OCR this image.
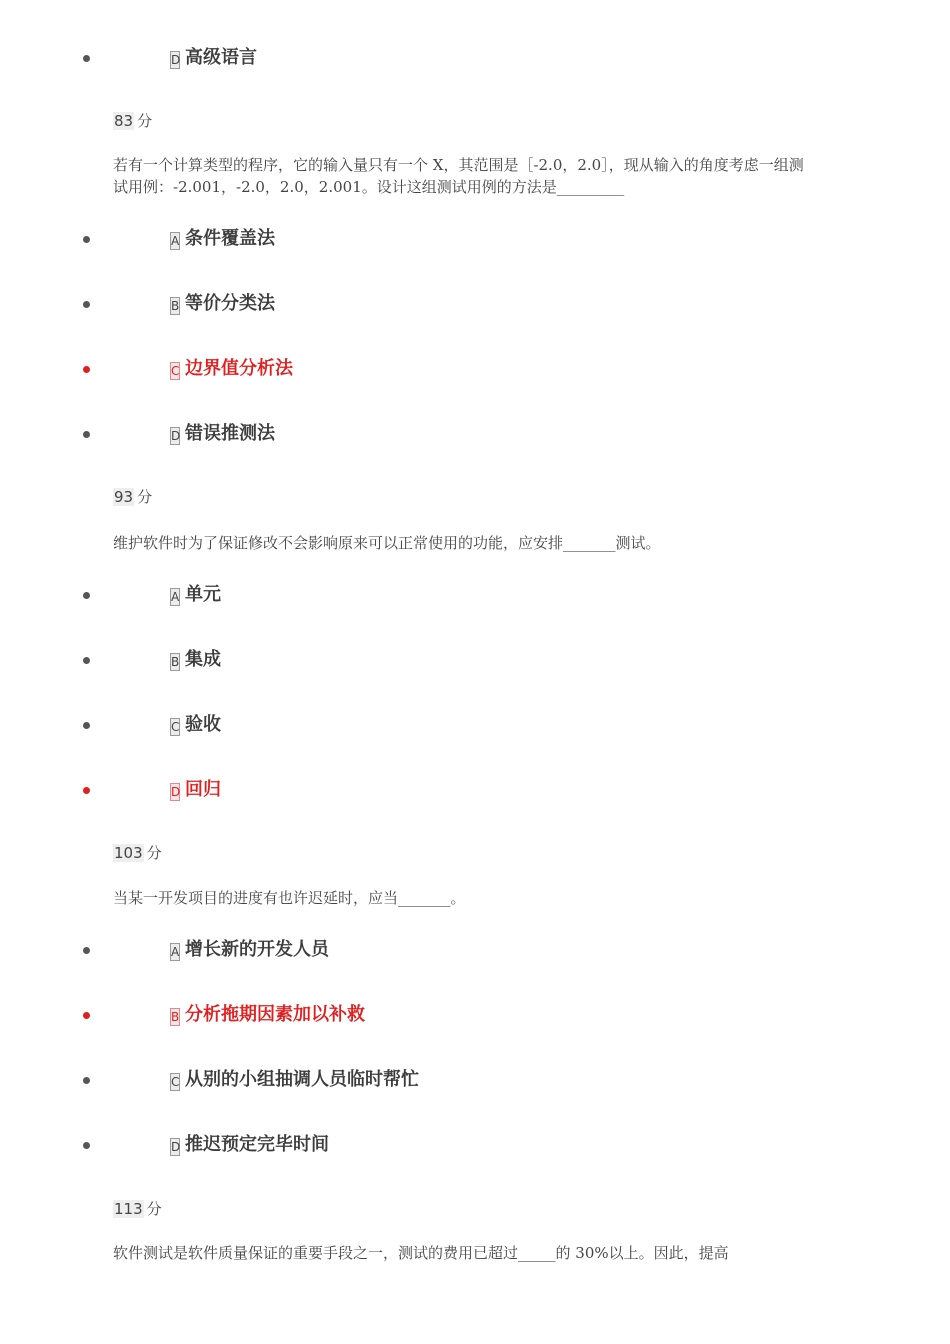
D 高级语言
83 分
若有一个计算类型的程序，它的输入量只有一个 X，其范围是［-2.0，2.0］，现从输入的角度考虑一组测试用例：-2.001，-2.0，2.0，2.001。设计这组测试用例的方法是_________
A 条件覆盖法
B 等价分类法
C 边界值分析法
D 错误推测法
93 分
维护软件时为了保证修改不会影响原来可以正常使用的功能，应安排_______测试。
A 单元
B 集成
C 验收
D 回归
103 分
当某一开发项目的进度有也许迟延时，应当_______。
A 增长新的开发人员
B 分析拖期因素加以补救
C 从别的小组抽调人员临时帮忙
D 推迟预定完毕时间
113 分
软件测试是软件质量保证的重要手段之一，测试的费用已超过_____的 30%以上。因此，提高
